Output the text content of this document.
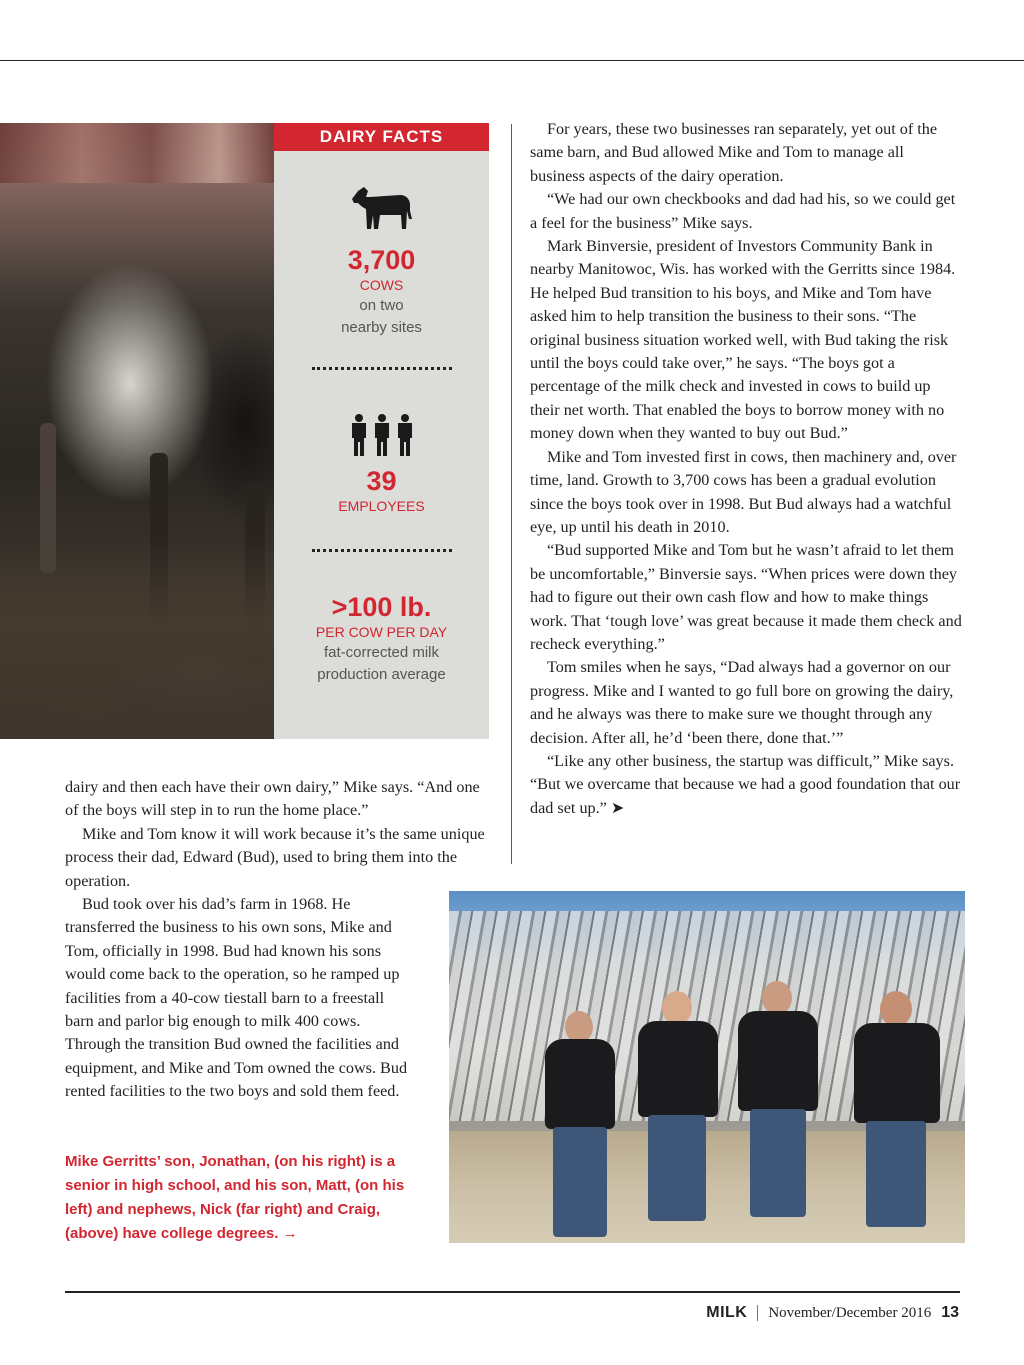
DAIRY FACTS
3,700
COWS
on two
nearby sites
39
EMPLOYEES
>100 lb.
PER COW PER DAY
fat-corrected milk
production average

For years, these two businesses ran separately, yet out of the same barn, and Bud allowed Mike and Tom to manage all business aspects of the dairy operation.

“We had our own checkbooks and dad had his, so we could get a feel for the business” Mike says.

Mark Binversie, president of Investors Community Bank in nearby Manitowoc, Wis. has worked with the Gerritts since 1984. He helped Bud transition to his boys, and Mike and Tom have asked him to help transition the business to their sons. “The original business situation worked well, with Bud taking the risk until the boys could take over,” he says. “The boys got a percentage of the milk check and invested in cows to build up their net worth. That enabled the boys to borrow money with no money down when they wanted to buy out Bud.”

Mike and Tom invested first in cows, then machinery and, over time, land. Growth to 3,700 cows has been a gradual evolution since the boys took over in 1998. But Bud always had a watchful eye, up until his death in 2010.

“Bud supported Mike and Tom but he wasn’t afraid to let them be uncomfortable,” Binversie says. “When prices were down they had to figure out their own cash flow and how to make things work. That ‘tough love’ was great because it made them check and recheck everything.”

Tom smiles when he says, “Dad always had a governor on our progress. Mike and I wanted to go full bore on growing the dairy, and he always was there to make sure we thought through any decision. After all, he’d ‘been there, done that.’”

“Like any other business, the startup was difficult,” Mike says. “But we overcame that because we had a good foundation that our dad set up.” ➤

dairy and then each have their own dairy,” Mike says. “And one of the boys will step in to run the home place.”

Mike and Tom know it will work because it’s the same unique process their dad, Edward (Bud), used to bring them into the operation.

Bud took over his dad’s farm in 1968. He transferred the business to his own sons, Mike and Tom, officially in 1998. Bud had known his sons would come back to the operation, so he ramped up facilities from a 40-cow tiestall barn to a freestall barn and parlor big enough to milk 400 cows. Through the transition Bud owned the facilities and equipment, and Mike and Tom owned the cows. Bud rented facilities to the two boys and sold them feed.

Mike Gerritts’ son, Jonathan, (on his right) is a senior in high school, and his son, Matt, (on his left) and nephews, Nick (far right) and Craig, (above) have college degrees. →
MILK November/December 2016 13
